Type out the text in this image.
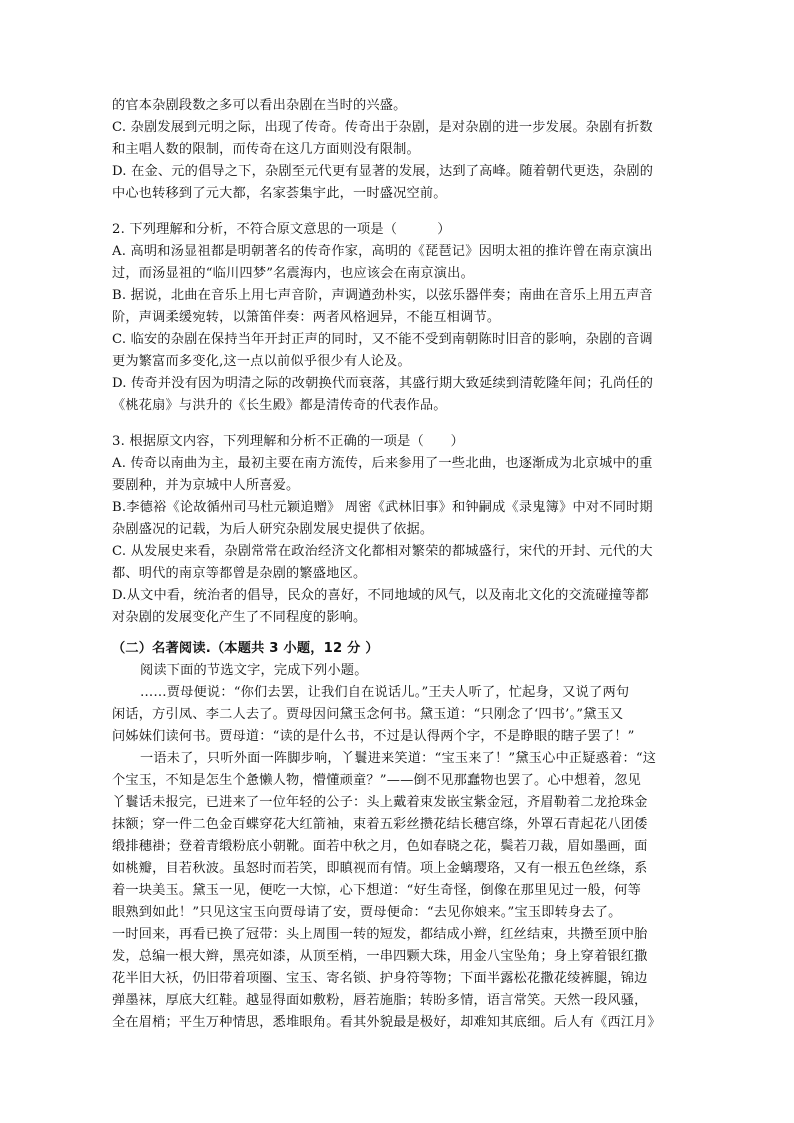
的官本杂剧段数之多可以看出杂剧在当时的兴盛。
C. 杂剧发展到元明之际，出现了传奇。传奇出于杂剧，是对杂剧的进一步发展。杂剧有折数
和主唱人数的限制，而传奇在这几方面则没有限制。
D. 在金、元的倡导之下，杂剧至元代更有显著的发展，达到了高峰。随着朝代更迭，杂剧的
中心也转移到了元大都，名家荟集宇此，一时盛况空前。
2. 下列理解和分析，不符合原文意思的一项是（　　　）
A. 高明和汤显祖都是明朝著名的传奇作家，高明的《琵琶记》因明太祖的推许曾在南京演出
过，而汤显祖的“临川四梦”名震海内，也应该会在南京演出。
B. 据说，北曲在音乐上用七声音阶，声调遒劲朴实，以弦乐器伴奏；南曲在音乐上用五声音
阶，声调柔缓宛转，以箫笛伴奏：两者风格迥异，不能互相调节。
C. 临安的杂剧在保持当年开封正声的同时，又不能不受到南朝陈时旧音的影响，杂剧的音调
更为繁富而多变化,这一点以前似乎很少有人论及。
D. 传奇并没有因为明清之际的改朝换代而衰落，其盛行期大致延续到清乾隆年间；孔尚任的
《桃花扇》与洪升的《长生殿》都是清传奇的代表作品。
3. 根据原文内容，下列理解和分析不正确的一项是（　　）
A. 传奇以南曲为主，最初主要在南方流传，后来参用了一些北曲，也逐渐成为北京城中的重
要剧种，并为京城中人所喜爱。
B.李德裕《论故循州司马杜元颖追赠》 周密《武林旧事》和钟嗣成《录鬼簿》中对不同时期
杂剧盛况的记载，为后人研究杂剧发展史提供了依据。
C. 从发展史来看，杂剧常常在政治经济文化都相对繁荣的都城盛行，宋代的开封、元代的大
都、明代的南京等都曾是杂剧的繁盛地区。
D.从文中看，统治者的倡导，民众的喜好，不同地域的风气，以及南北文化的交流碰撞等都
对杂剧的发展变化产生了不同程度的影响。
（二）名著阅读.（本题共 3 小题，12 分 ）
阅读下面的节选文字，完成下列小题。
……贾母便说：“你们去罢，让我们自在说话儿。”王夫人听了，忙起身，又说了两句
闲话，方引凤、李二人去了。贾母因问黛玉念何书。黛玉道：“只刚念了‘四书’。”黛玉又
问姊妹们读何书。贾母道：“读的是什么书，不过是认得两个字，不是睁眼的瞎子罢了！”
一语未了，只听外面一阵脚步响，丫鬟进来笑道：“宝玉来了！”黛玉心中正疑惑着：“这
个宝玉，不知是怎生个惫懒人物，懵懂顽童？”——倒不见那蠢物也罢了。心中想着，忽见
丫鬟话未报完，已进来了一位年轻的公子：头上戴着束发嵌宝紫金冠，齐眉勒着二龙抢珠金
抹额；穿一件二色金百蝶穿花大红箭袖，束着五彩丝攒花结长穗宫绦，外罩石青起花八团倭
缎排穗褂；登着青缎粉底小朝靴。面若中秋之月，色如春晓之花，鬓若刀裁，眉如墨画，面
如桃瓣，目若秋波。虽怒时而若笑，即瞋视而有情。项上金螭璎珞，又有一根五色丝绦，系
着一块美玉。黛玉一见，便吃一大惊，心下想道：“好生奇怪，倒像在那里见过一般，何等
眼熟到如此！”只见这宝玉向贾母请了安，贾母便命：“去见你娘来。”宝玉即转身去了。
一时回来，再看已换了冠带：头上周围一转的短发，都结成小辫，红丝结束，共攒至顶中胎
发，总编一根大辫，黑亮如漆，从顶至梢，一串四颗大珠，用金八宝坠角；身上穿着银红撒
花半旧大袄，仍旧带着项圈、宝玉、寄名锁、护身符等物；下面半露松花撒花绫裤腿，锦边
弹墨袜，厚底大红鞋。越显得面如敷粉，唇若施脂；转盼多情，语言常笑。天然一段风骚，
全在眉梢；平生万种情思，悉堆眼角。看其外貌最是极好，却难知其底细。后人有《西江月》
